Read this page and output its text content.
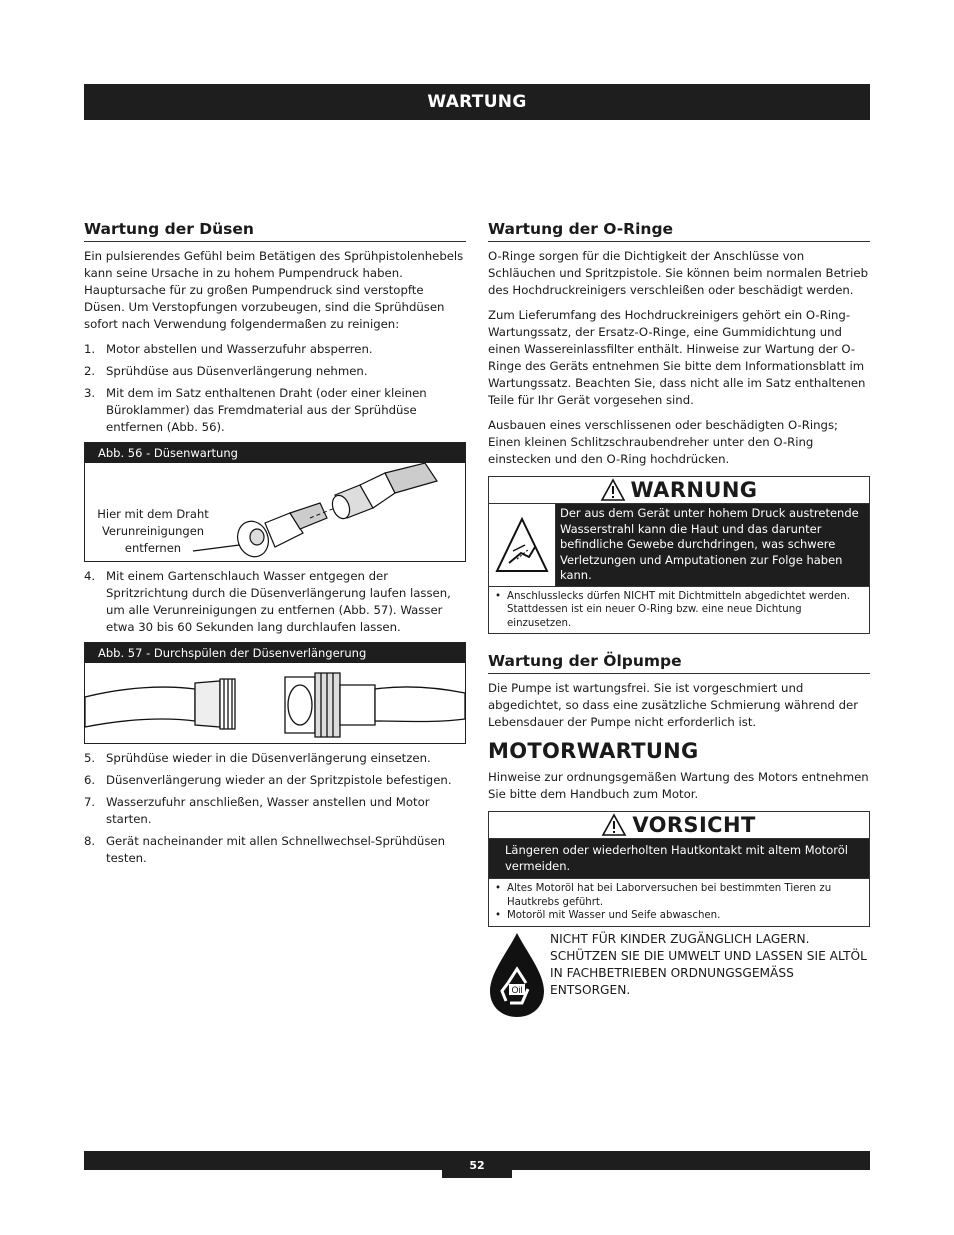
WARTUNG
Wartung der Düsen

Ein pulsierendes Gefühl beim Betätigen des Sprühpistolenhebels kann seine Ursache in zu hohem Pumpendruck haben. Hauptursache für zu großen Pumpendruck sind verstopfte Düsen. Um Verstopfungen vorzubeugen, sind die Sprühdüsen sofort nach Verwendung folgendermaßen zu reinigen:

1. Motor abstellen und Wasserzufuhr absperren.
2. Sprühdüse aus Düsenverlängerung nehmen.
3. Mit dem im Satz enthaltenen Draht (oder einer kleinen Büroklammer) das Fremdmaterial aus der Sprühdüse entfernen (Abb. 56).
Abb. 56 - Düsenwartung
Hier mit dem Draht Verunreinigungen entfernen
4. Mit einem Gartenschlauch Wasser entgegen der Spritzrichtung durch die Düsenverlängerung laufen lassen, um alle Verunreinigungen zu entfernen (Abb. 57). Wasser etwa 30 bis 60 Sekunden lang durchlaufen lassen.
Abb. 57 - Durchspülen der Düsenverlängerung
5. Sprühdüse wieder in die Düsenverlängerung einsetzen.
6. Düsenverlängerung wieder an der Spritzpistole befestigen.
7. Wasserzufuhr anschließen, Wasser anstellen und Motor starten.
8. Gerät nacheinander mit allen Schnellwechsel-Sprühdüsen testen.
Wartung der O-Ringe

O-Ringe sorgen für die Dichtigkeit der Anschlüsse von Schläuchen und Spritzpistole. Sie können beim normalen Betrieb des Hochdruckreinigers verschleißen oder beschädigt werden.

Zum Lieferumfang des Hochdruckreinigers gehört ein O-Ring-Wartungssatz, der Ersatz-O-Ringe, eine Gummidichtung und einen Wassereinlassfilter enthält. Hinweise zur Wartung der O-Ringe des Geräts entnehmen Sie bitte dem Informationsblatt im Wartungssatz. Beachten Sie, dass nicht alle im Satz enthaltenen Teile für Ihr Gerät vorgesehen sind.

Ausbauen eines verschlissenen oder beschädigten O-Rings; Einen kleinen Schlitzschraubendreher unter den O-Ring einstecken und den O-Ring hochdrücken.

WARNUNG
Der aus dem Gerät unter hohem Druck austretende Wasserstrahl kann die Haut und das darunter befindliche Gewebe durchdringen, was schwere Verletzungen und Amputationen zur Folge haben kann.
• Anschlusslecks dürfen NICHT mit Dichtmitteln abgedichtet werden. Stattdessen ist ein neuer O-Ring bzw. eine neue Dichtung einzusetzen.
Wartung der Ölpumpe

Die Pumpe ist wartungsfrei. Sie ist vorgeschmiert und abgedichtet, so dass eine zusätzliche Schmierung während der Lebensdauer der Pumpe nicht erforderlich ist.

MOTORWARTUNG

Hinweise zur ordnungsgemäßen Wartung des Motors entnehmen Sie bitte dem Handbuch zum Motor.

VORSICHT
Längeren oder wiederholten Hautkontakt mit altem Motoröl vermeiden.
• Altes Motoröl hat bei Laborversuchen bei bestimmten Tieren zu Hautkrebs geführt.
• Motoröl mit Wasser und Seife abwaschen.
Oil
NICHT FÜR KINDER ZUGÄNGLICH LAGERN.
SCHÜTZEN SIE DIE UMWELT UND LASSEN SIE ALTÖL IN FACHBETRIEBEN ORDNUNGSGEMÄSS ENTSORGEN.
52
